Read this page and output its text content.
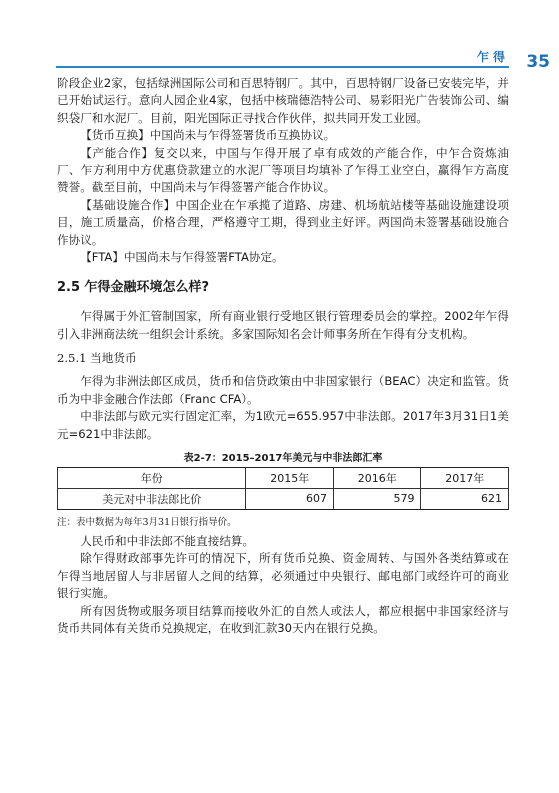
乍得 35

阶段企业2家，包括绿洲国际公司和百思特钢厂。其中，百思特钢厂设备已安装完毕，并已开始试运行。意向人园企业4家，包括中核瑞德浩特公司、易彩阳光广告装饰公司、编织袋厂和水泥厂。目前，阳光国际正寻找合作伙伴，拟共同开发工业园。

【货币互换】中国尚未与乍得签署货币互换协议。

【产能合作】复交以来，中国与乍得开展了卓有成效的产能合作，中乍合资炼油厂、乍方利用中方优惠贷款建立的水泥厂等项目均填补了乍得工业空白，赢得乍方高度赞誉。截至目前，中国尚未与乍得签署产能合作协议。

【基础设施合作】中国企业在乍承揽了道路、房建、机场航站楼等基础设施建设项目，施工质量高，价格合理，严格遵守工期，得到业主好评。两国尚未签署基础设施合作协议。

【FTA】中国尚未与乍得签署FTA协定。

2.5 乍得金融环境怎么样?

乍得属于外汇管制国家，所有商业银行受地区银行管理委员会的掌控。2002年乍得引入非洲商法统一组织会计系统。多家国际知名会计师事务所在乍得有分支机构。

2.5.1 当地货币

乍得为非洲法郎区成员，货币和信贷政策由中非国家银行（BEAC）决定和监管。货币为中非金融合作法郎（Franc CFA）。

中非法郎与欧元实行固定汇率，为1欧元=655.957中非法郎。2017年3月31日1美元=621中非法郎。

表2-7：2015–2017年美元与中非法郎汇率
年份	2015年	2016年	2017年
美元对中非法郎比价	607	579	621
注：表中数据为每年3月31日银行指导价。

人民币和中非法郎不能直接结算。

除乍得财政部事先许可的情况下，所有货币兑换、资金周转、与国外各类结算或在乍得当地居留人与非居留人之间的结算，必须通过中央银行、邮电部门或经许可的商业银行实施。

所有因货物或服务项目结算而接收外汇的自然人或法人，都应根据中非国家经济与货币共同体有关货币兑换规定，在收到汇款30天内在银行兑换。
